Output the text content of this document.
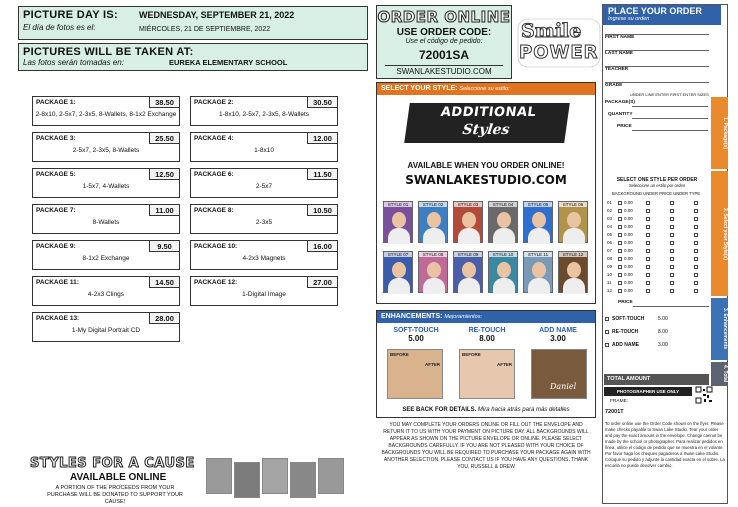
PICTURE DAY IS: WEDNESDAY, SEPTEMBER 21, 2022
El día de fotos es el:	MIÉRCOLES, 21 DE SEPTIEMBRE, 2022
PICTURES WILL BE TAKEN AT:
Las fotos serán tomadas en:	EUREKA ELEMENTARY SCHOOL
ORDER ONLINE
USE ORDER CODE:
Use el código de pedido:
72001SA
SWANLAKESTUDIO.COM
Smile
POWER
PACKAGE 1:	38.50
2-8x10, 2-5x7, 2-3x5, 8-Wallets, 8-1x2 Exchange
PACKAGE 2:	30.50
1-8x10, 2-5x7, 2-3x5, 8-Wallets
PACKAGE 3:	25.50
2-5x7, 2-3x5, 8-Wallets
PACKAGE 4:	12.00
1-8x10
PACKAGE 5:	12.50
1-5x7, 4-Wallets
PACKAGE 6:	11.50
2-5x7
PACKAGE 7:	11.00
8-Wallets
PACKAGE 8:	10.50
2-3x5
PACKAGE 9:	9.50
8-1x2 Exchange
PACKAGE 10:	16.00
4-2x3 Magnets
PACKAGE 11:	14.50
4-2x3 Clings
PACKAGE 12:	27.00
1-Digital Image
PACKAGE 13:	28.00
1-My Digital Portrait CD
STYLES FOR A CAUSE
AVAILABLE ONLINE
A PORTION OF THE PROCEEDS FROM YOUR PURCHASE WILL BE DONATED TO SUPPORT YOUR CAUSE!
SELECT YOUR STYLE: Seleccione su estilo:
ADDITIONAL
Styles
AVAILABLE WHEN YOU ORDER ONLINE!
SWANLAKESTUDIO.COM
STYLE 01	STYLE 02	STYLE 03	STYLE 04	STYLE 05	STYLE 06
STYLE 07	STYLE 08	STYLE 09	STYLE 10	STYLE 11	STYLE 12
ENHANCEMENTS: Mejoramientos:
SOFT-TOUCH
5.00
RE-TOUCH
8.00
ADD NAME
3.00
BEFORE
AFTER
BEFORE
AFTER
Daniel
SEE BACK FOR DETAILS. Mira hacia atrás para más detalles
YOU MAY COMPLETE YOUR ORDERS ONLINE OR FILL OUT THE ENVELOPE AND RETURN IT TO US WITH YOUR PAYMENT ON PICTURE DAY. ALL BACKGROUNDS WILL APPEAR AS SHOWN ON THE PICTURE ENVELOPE OR ONLINE. PLEASE SELECT BACKGROUNDS CAREFULLY. IF YOU ARE NOT PLEASED WITH YOUR CHOICE OF BACKGROUNDS YOU WILL BE REQUIRED TO PURCHASE YOUR PACKAGE AGAIN WITH ANOTHER SELECTION. PLEASE CONTACT US IF YOU HAVE ANY QUESTIONS. THANK YOU, RUSSELL & DREW
PLACE YOUR ORDER
Ingrese su orden
FIRST NAME
LAST NAME
TEACHER
GRADE
UNDER LINE ENTER FIRST ENTER SIZES
PACKAGE(S)
QUANTITY
PRICE
SELECT ONE STYLE PER ORDER
Seleccione un estilo por orden
BACKGROUND UNDER PRICE UNDER TYPE
01	0.00
02	0.00
03	0.00
04	0.00
05	0.00
06	0.00
07	0.00
08	0.00
09	0.00
10	0.00
11	0.00
12	0.00
PRICE
SOFT-TOUCH	5.00
RE-TOUCH	8.00
ADD NAME	3.00
TOTAL AMOUNT
PHOTOGRAPHER USE ONLY
FRAME:
72001T
To order online use the Order Code shown on the flyer. Please make checks payable to Swan Lake Studio. Tear your order and pay the exact amount in the envelope. Change cannot be made by the school or photographer. Para realizar pedidos en línea, utilice el código de pedido que se muestra en el volante. Por favor haga los cheques pagaderos a Swan Lake Studio. Coloque su pedido y adjunte la cantidad exacta en el sobre. La escuela no puede devolver cambio.
1. Package(s)
2. Select your Style(s)
3. Enhancements
4. Total
